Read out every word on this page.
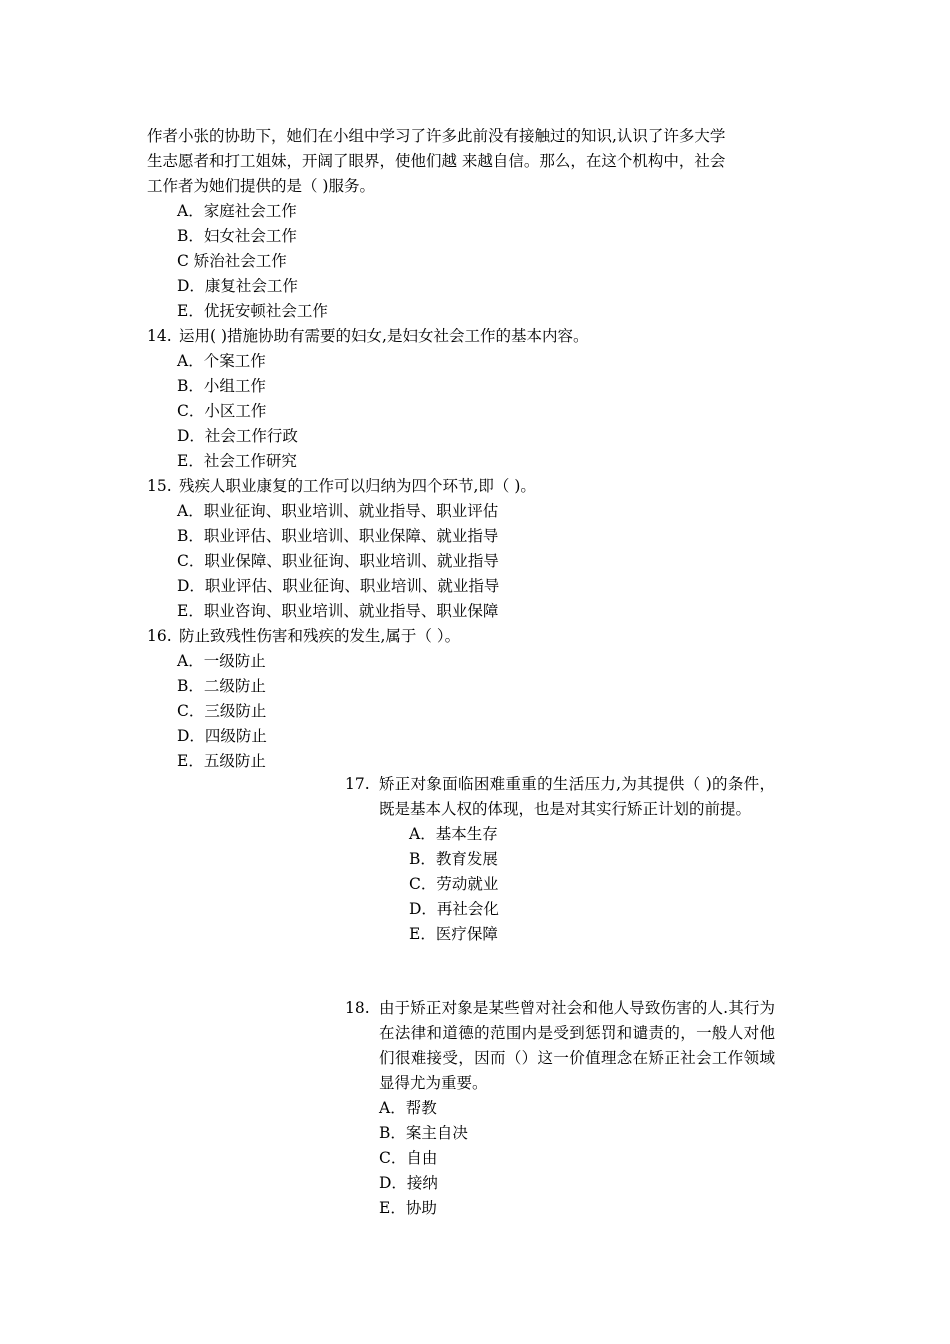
作者小张的协助下，她们在小组中学习了许多此前没有接触过的知识,认识了许多大学

生志愿者和打工姐妹，开阔了眼界，使他们越 来越自信。那么，在这个机构中，社会

工作者为她们提供的是（ )服务。

A．家庭社会工作
B．妇女社会工作
C 矫治社会工作
D．康复社会工作
E．优抚安顿社会工作
14. 运用( )措施协助有需要的妇女,是妇女社会工作的基本内容。
A．个案工作
B．小组工作
C．小区工作
D．社会工作行政
E．社会工作研究
15. 残疾人职业康复的工作可以归纳为四个环节,即（ )。
A．职业征询、职业培训、就业指导、职业评估
B．职业评估、职业培训、职业保障、就业指导
C．职业保障、职业征询、职业培训、就业指导
D．职业评估、职业征询、职业培训、就业指导
E．职业咨询、职业培训、就业指导、职业保障
16. 防止致残性伤害和残疾的发生,属于（ ）。
A．一级防止
B．二级防止
C．三级防止
D．四级防止
E．五级防止
17. 矫正对象面临困难重重的生活压力,为其提供（ )的条件，既是基本人权的体现，也是对其实行矫正计划的前提。
A．基本生存
B．教育发展
C．劳动就业
D．再社会化
E．医疗保障
18. 由于矫正对象是某些曾对社会和他人导致伤害的人.其行为在法律和道德的范围内是受到惩罚和谴责的，一般人对他们很难接受，因而（）这一价值理念在矫正社会工作领域显得尤为重要。
A．帮教
B．案主自决
C．自由
D．接纳
E．协助
